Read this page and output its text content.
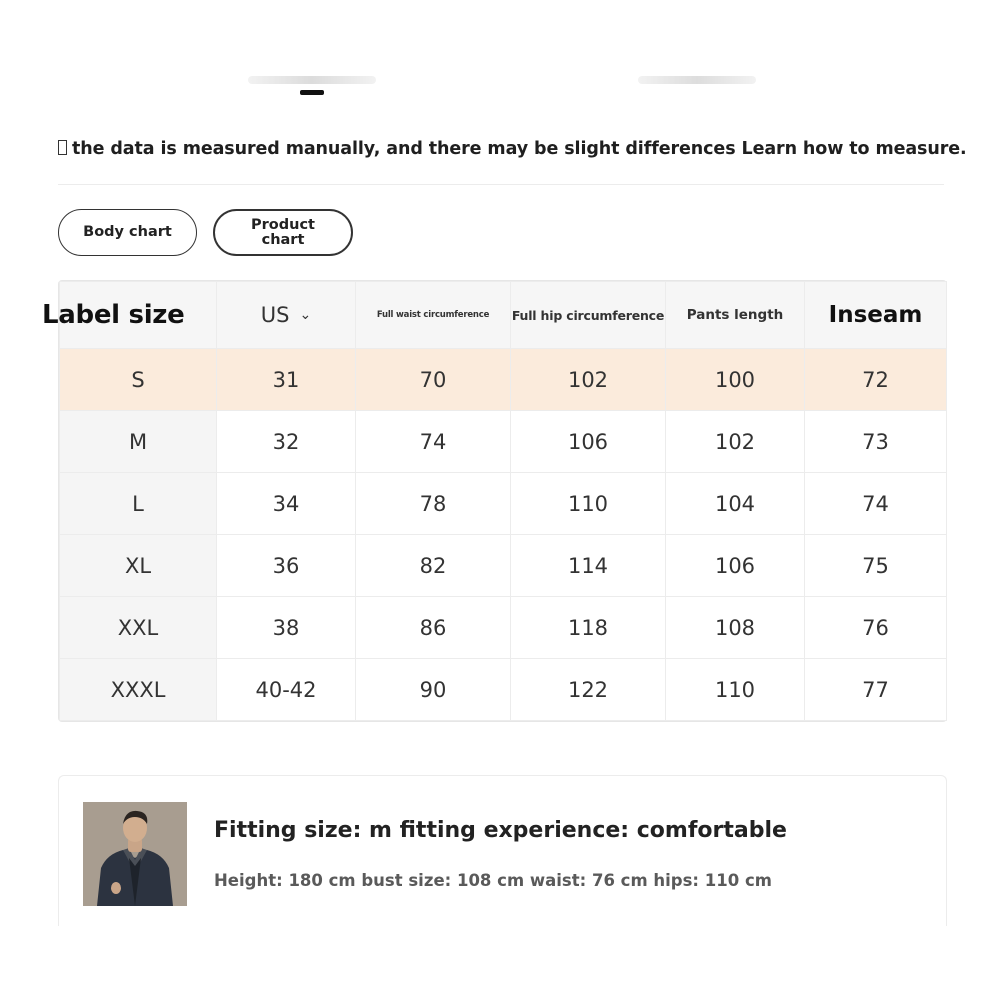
the data is measured manually, and there may be slight differences Learn how to measure.
Body chart	Product chart
Label size	US ⌄	Full waist circumference	Full hip circumference	Pants length	Inseam
S	31	70	102	100	72
M	32	74	106	102	73
L	34	78	110	104	74
XL	36	82	114	106	75
XXL	38	86	118	108	76
XXXL	40-42	90	122	110	77
Fitting size: m fitting experience: comfortable
Height: 180 cm bust size: 108 cm waist: 76 cm hips: 110 cm
